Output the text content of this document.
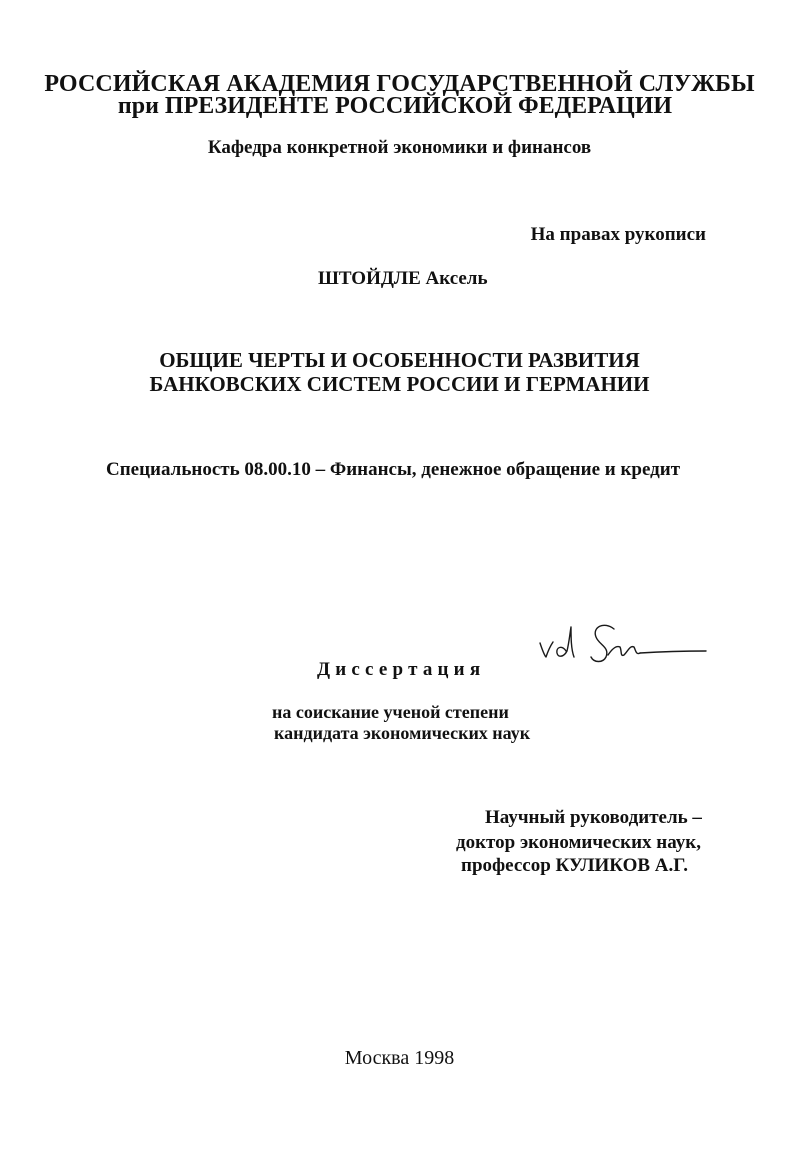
РОССИЙСКАЯ АКАДЕМИЯ ГОСУДАРСТВЕННОЙ СЛУЖБЫ
при ПРЕЗИДЕНТЕ РОССИЙСКОЙ ФЕДЕРАЦИИ
Кафедра конкретной экономики и финансов
На правах рукописи
ШТОЙДЛЕ Аксель
ОБЩИЕ ЧЕРТЫ И ОСОБЕННОСТИ РАЗВИТИЯ
БАНКОВСКИХ СИСТЕМ РОССИИ И ГЕРМАНИИ
Специальность 08.00.10 – Финансы, денежное обращение и кредит
Диссертация
на соискание ученой степени
кандидата экономических наук
Научный руководитель –
доктор экономических наук,
профессор КУЛИКОВ А.Г.
Москва 1998
